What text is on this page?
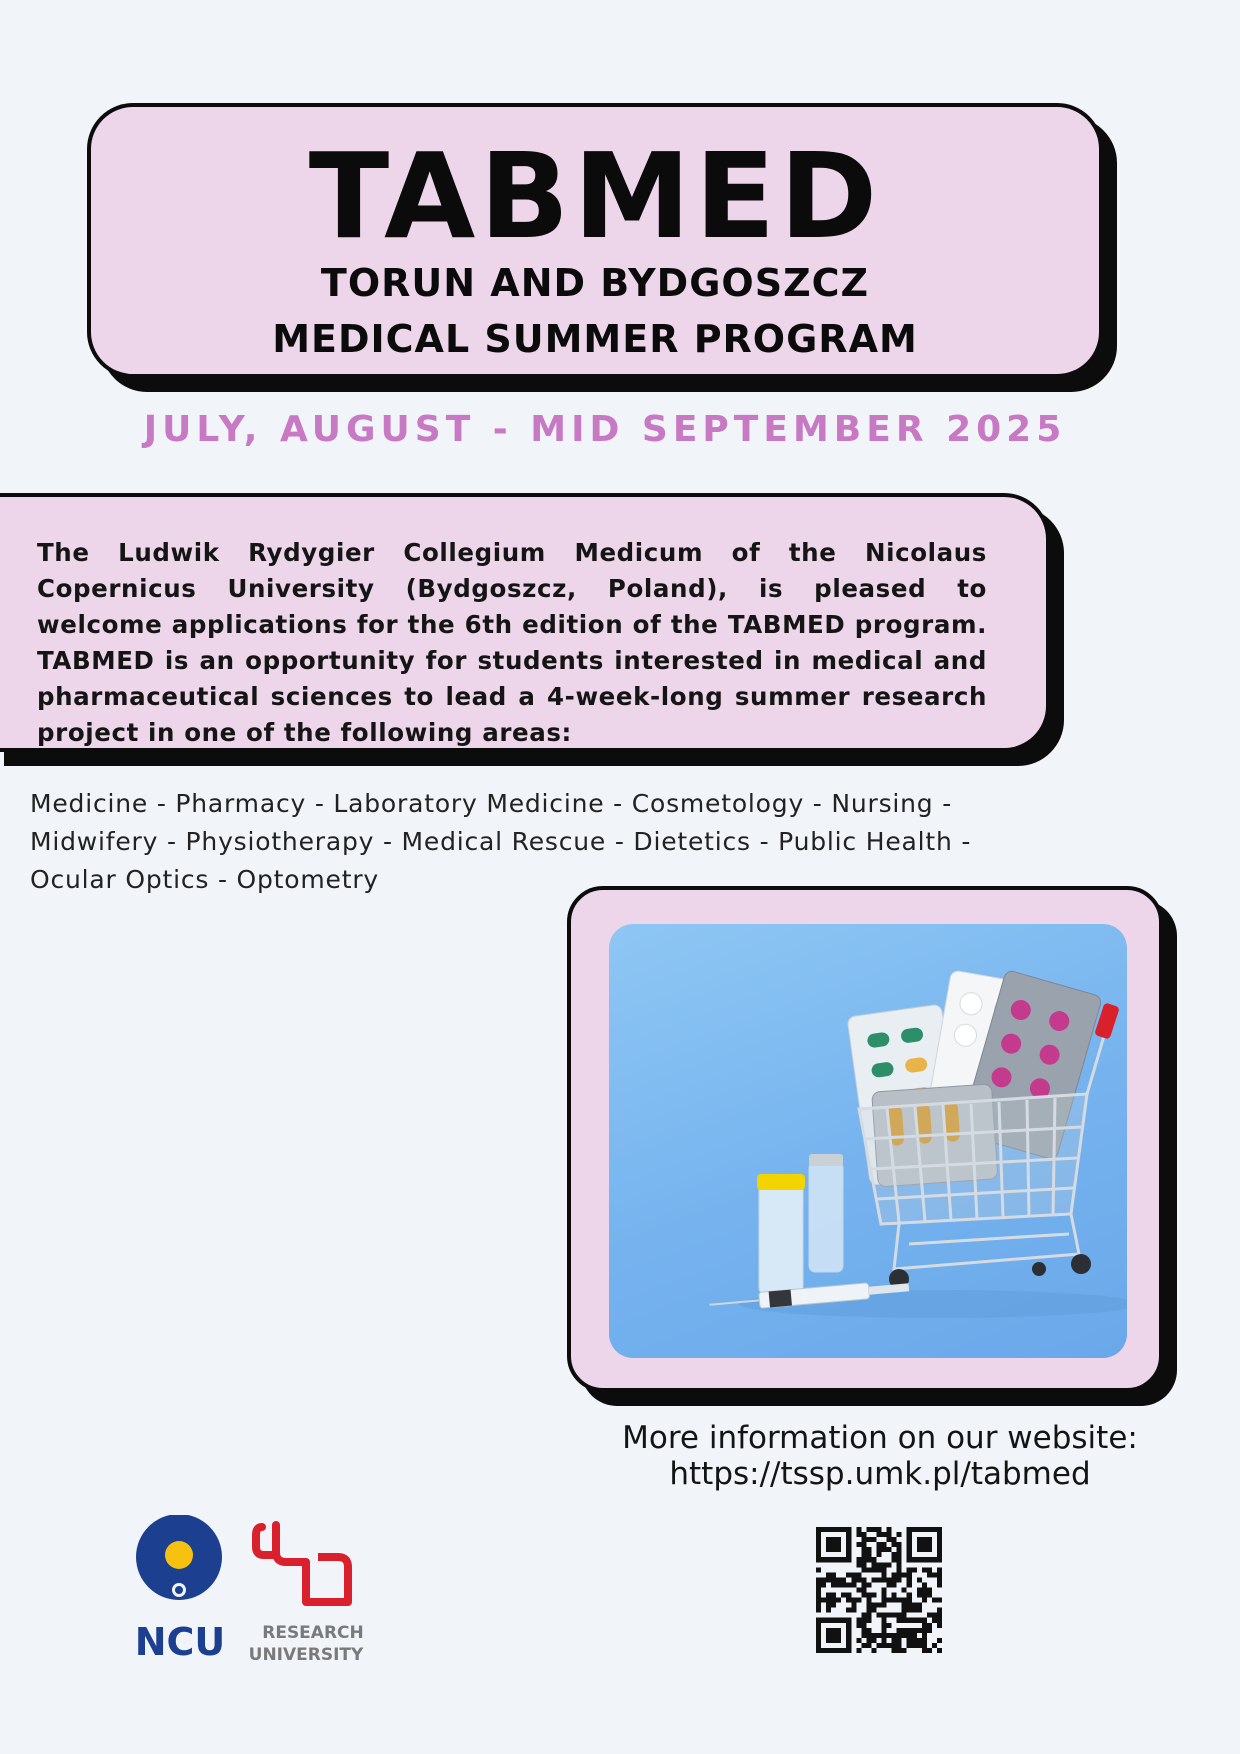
TABMED
TORUN AND BYDGOSZCZ
MEDICAL SUMMER PROGRAM
JULY, AUGUST - MID SEPTEMBER 2025
The Ludwik Rydygier Collegium Medicum of the Nicolaus Copernicus University (Bydgoszcz, Poland), is pleased to welcome applications for the 6th edition of the TABMED program. TABMED is an opportunity for students interested in medical and pharmaceutical sciences to lead a 4-week-long summer research project in one of the following areas:
Medicine - Pharmacy - Laboratory Medicine - Cosmetology - Nursing -
Midwifery - Physiotherapy - Medical Rescue - Dietetics - Public Health -
Ocular Optics - Optometry
More information on our website:
https://tssp.umk.pl/tabmed
NCU RESEARCH
UNIVERSITY
